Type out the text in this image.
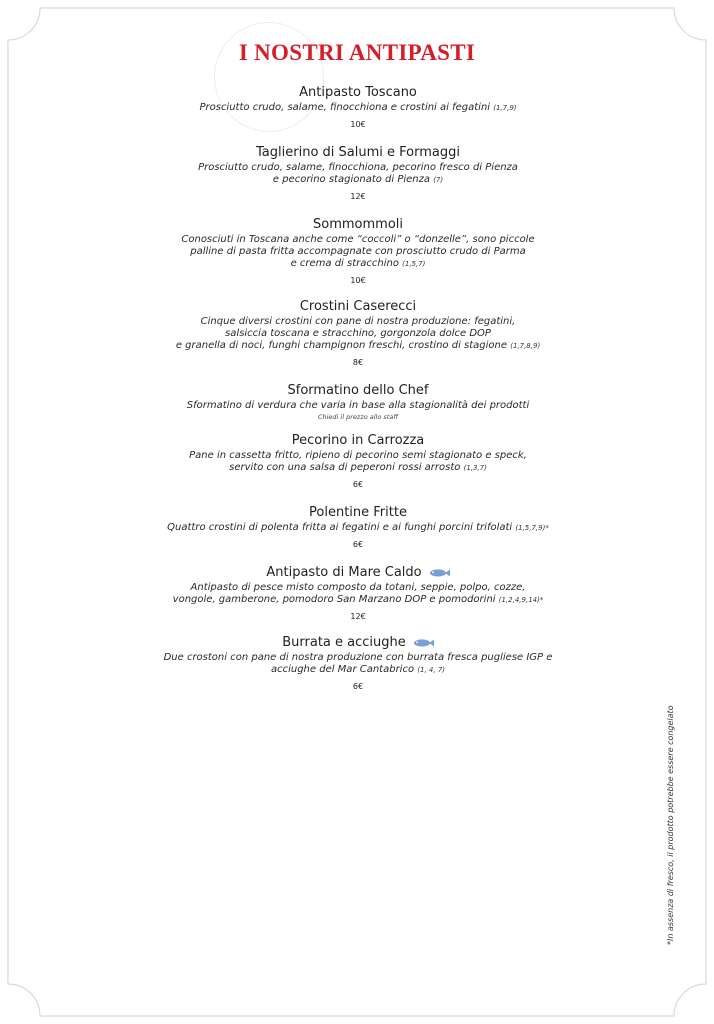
I NOSTRI ANTIPASTI
Antipasto Toscano
Prosciutto crudo, salame, finocchiona e crostini ai fegatini (1,7,9)
10€
Taglierino di Salumi e Formaggi
Prosciutto crudo, salame, finocchiona, pecorino fresco di Pienza
e pecorino stagionato di Pienza (7)
12€
Sommommoli
Conosciuti in Toscana anche come “coccoli” o “donzelle”, sono piccole
palline di pasta fritta accompagnate con prosciutto crudo di Parma
e crema di stracchino (1,5,7)
10€
Crostini Caserecci
Cinque diversi crostini con pane di nostra produzione: fegatini,
salsiccia toscana e stracchino, gorgonzola dolce DOP
e granella di noci, funghi champignon freschi, crostino di stagione (1,7,8,9)
8€
Sformatino dello Chef
Sformatino di verdura che varia in base alla stagionalità dei prodotti
Chiedi il prezzo allo staff
Pecorino in Carrozza
Pane in cassetta fritto, ripieno di pecorino semi stagionato e speck,
servito con una salsa di peperoni rossi arrosto (1,3,7)
6€
Polentine Fritte
Quattro crostini di polenta fritta ai fegatini e ai funghi porcini trifolati (1,5,7,9)*
6€
Antipasto di Mare Caldo
Antipasto di pesce misto composto da totani, seppie, polpo, cozze,
vongole, gamberone, pomodoro San Marzano DOP e pomodorini (1,2,4,9,14)*
12€
Burrata e acciughe
Due crostoni con pane di nostra produzione con burrata fresca pugliese IGP e
acciughe del Mar Cantabrico (1, 4, 7)
6€
*In assenza di fresco, il prodotto potrebbe essere congelato
